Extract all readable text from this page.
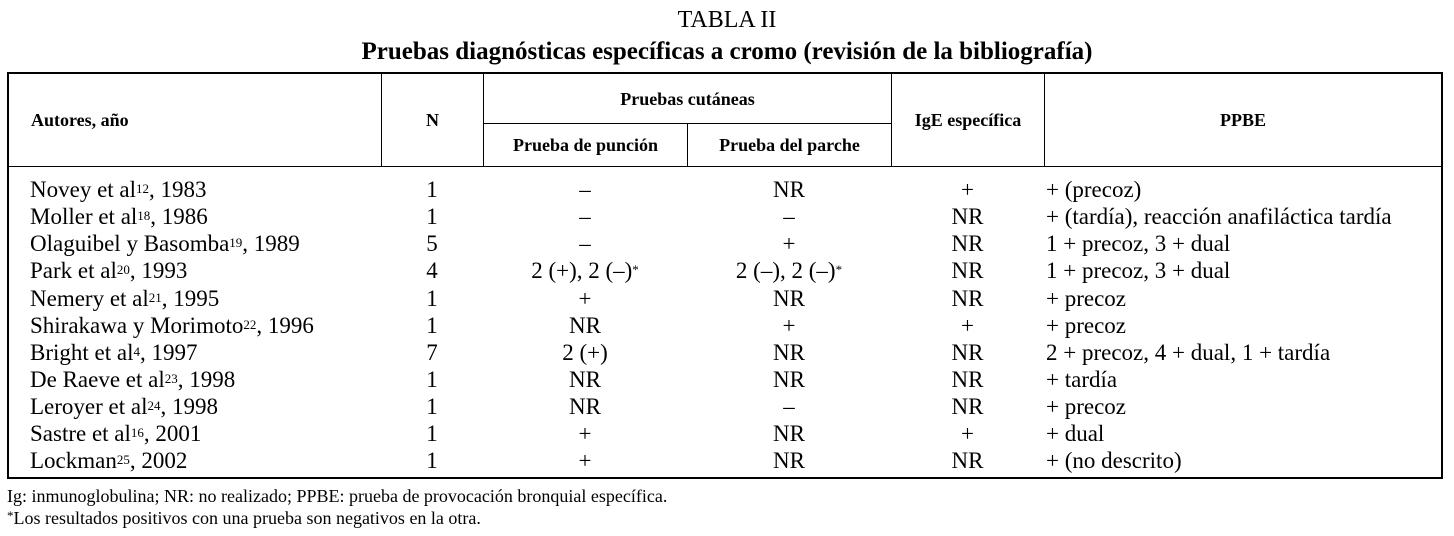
TABLA II
Pruebas diagnósticas específicas a cromo (revisión de la bibliografía)
Autores, año	N
Pruebas cutáneas
Prueba de punción	Prueba del parche
IgE específica	PPBE
Novey et $al^{12}$, 1983	1	–	NR	+	+ (precoz)
Moller et $al^{18}$, 1986	1	–	–	NR	+ (tardía), reacción anafiláctica tardía
Olaguibel y Basomba$^{19}$, 1989	5	–	+	NR	1 + precoz, 3 + dual
Park et $al^{20}$, 1993	4	2 (+), 2 (–)*	2 (–), 2 (–)*	NR	1 + precoz, 3 + dual
Nemery et $al^{21}$, 1995	1	+	NR	NR	+ precoz
Shirakawa y Morimoto$^{22}$, 1996	1	NR	+	+	+ precoz
Bright et $al^4$, 1997	7	2 (+)	NR	NR	2 + precoz, 4 + dual, 1 + tardía
De Raeve et $al^{23}$, 1998	1	NR	NR	NR	+ tardía
Leroyer et $al^{24}$, 1998	1	NR	–	NR	+ precoz
Sastre et $al^{16}$, 2001	1	+	NR	+	+ dual
Lockman$^{25}$, 2002	1	+	NR	NR	+ (no descrito)
Ig: inmunoglobulina; NR: no realizado; PPBE: prueba de provocación bronquial específica.
*Los resultados positivos con una prueba son negativos en la otra.
